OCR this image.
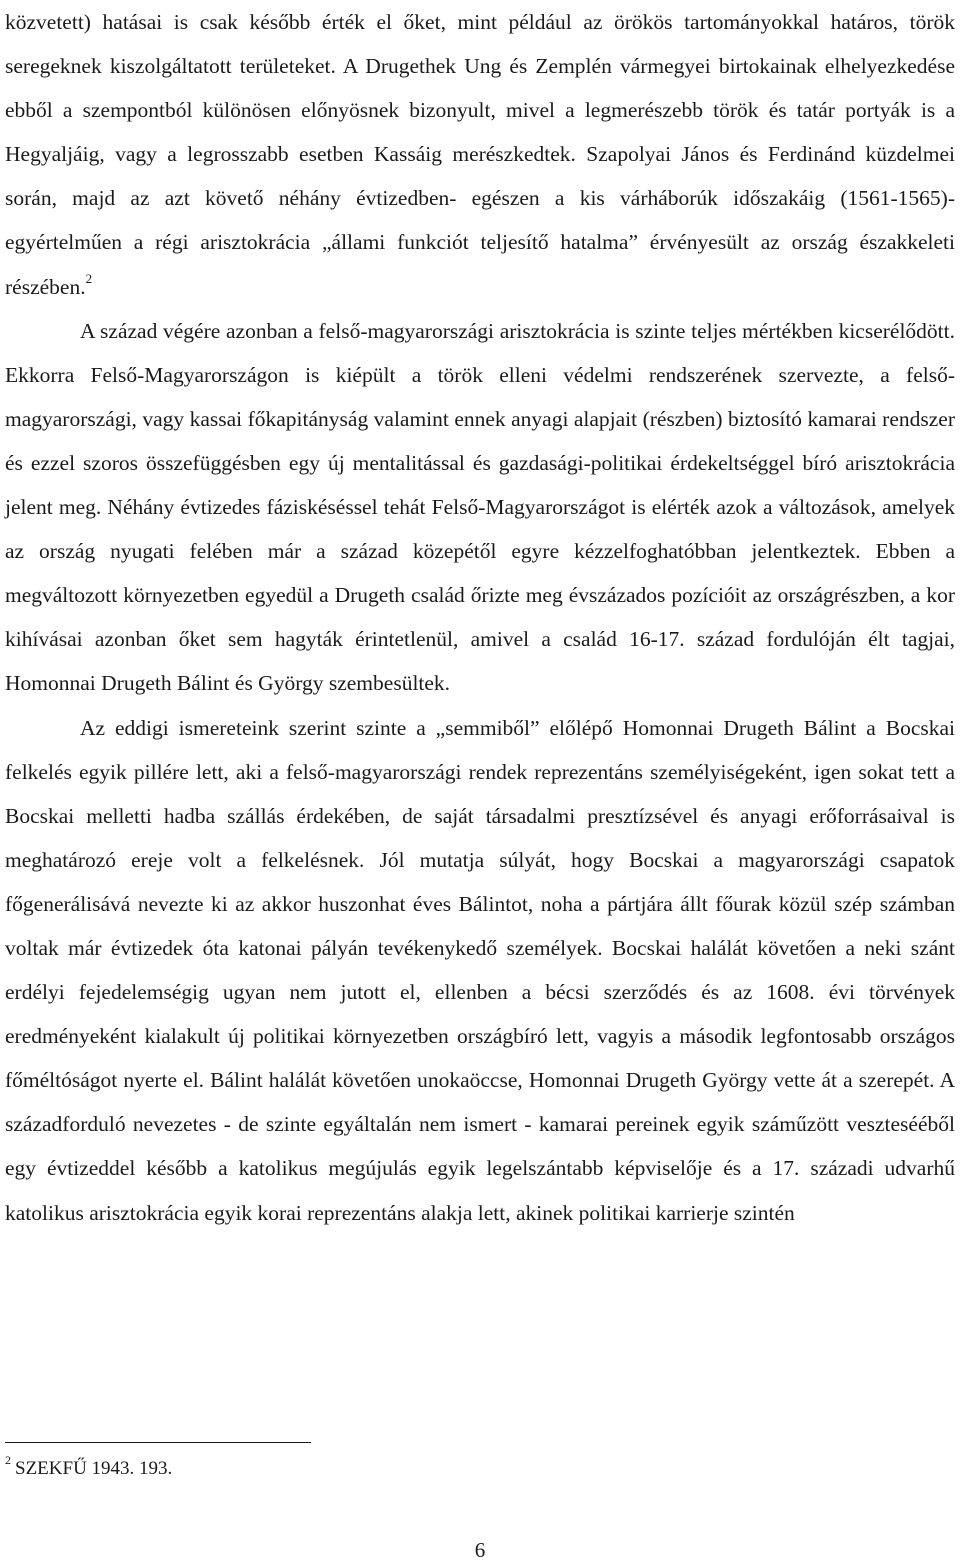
közvetett) hatásai is csak később érték el őket, mint például az örökös tartományokkal határos, török seregeknek kiszolgáltatott területeket. A Drugethek Ung és Zemplén vármegyei birtokainak elhelyezkedése ebből a szempontból különösen előnyösnek bizonyult, mivel a legmerészebb török és tatár portyák is a Hegyaljáig, vagy a legrosszabb esetben Kassáig merészkedtek. Szapolyai János és Ferdinánd küzdelmei során, majd az azt követő néhány évtizedben- egészen a kis várháborúk időszakáig (1561-1565)- egyértelműen a régi arisztokrácia „állami funkciót teljesítő hatalma” érvényesült az ország északkeleti részében.$^2$

A század végére azonban a felső-magyarországi arisztokrácia is szinte teljes mértékben kicserélődött. Ekkorra Felső-Magyarországon is kiépült a török elleni védelmi rendszerének szervezte, a felső-magyarországi, vagy kassai főkapitányság valamint ennek anyagi alapjait (részben) biztosító kamarai rendszer és ezzel szoros összefüggésben egy új mentalitással és gazdasági-politikai érdekeltséggel bíró arisztokrácia jelent meg. Néhány évtizedes fáziskéséssel tehát Felső-Magyarországot is elérték azok a változások, amelyek az ország nyugati felében már a század közepétől egyre kézzelfoghatóbban jelentkeztek. Ebben a megváltozott környezetben egyedül a Drugeth család őrizte meg évszázados pozícióit az országrészben, a kor kihívásai azonban őket sem hagyták érintetlenül, amivel a család 16-17. század fordulóján élt tagjai, Homonnai Drugeth Bálint és György szembesültek.

Az eddigi ismereteink szerint szinte a „semmiből” előlépő Homonnai Drugeth Bálint a Bocskai felkelés egyik pillére lett, aki a felső-magyarországi rendek reprezentáns személyiségeként, igen sokat tett a Bocskai melletti hadba szállás érdekében, de saját társadalmi presztízsével és anyagi erőforrásaival is meghatározó ereje volt a felkelésnek. Jól mutatja súlyát, hogy Bocskai a magyarországi csapatok főgenerálisává nevezte ki az akkor huszonhat éves Bálintot, noha a pártjára állt főurak közül szép számban voltak már évtizedek óta katonai pályán tevékenykedő személyek. Bocskai halálát követően a neki szánt erdélyi fejedelemségig ugyan nem jutott el, ellenben a bécsi szerződés és az 1608. évi törvények eredményeként kialakult új politikai környezetben országbíró lett, vagyis a második legfontosabb országos főméltóságot nyerte el. Bálint halálát követően unokaöccse, Homonnai Drugeth György vette át a szerepét. A századforduló nevezetes - de szinte egyáltalán nem ismert - kamarai pereinek egyik száműzött vesztesééből egy évtizeddel később a katolikus megújulás egyik legelszántabb képviselője és a 17. századi udvarhű katolikus arisztokrácia egyik korai reprezentáns alakja lett, akinek politikai karrierje szintén

$^2$ SZEKFŰ 1943. 193.
6
